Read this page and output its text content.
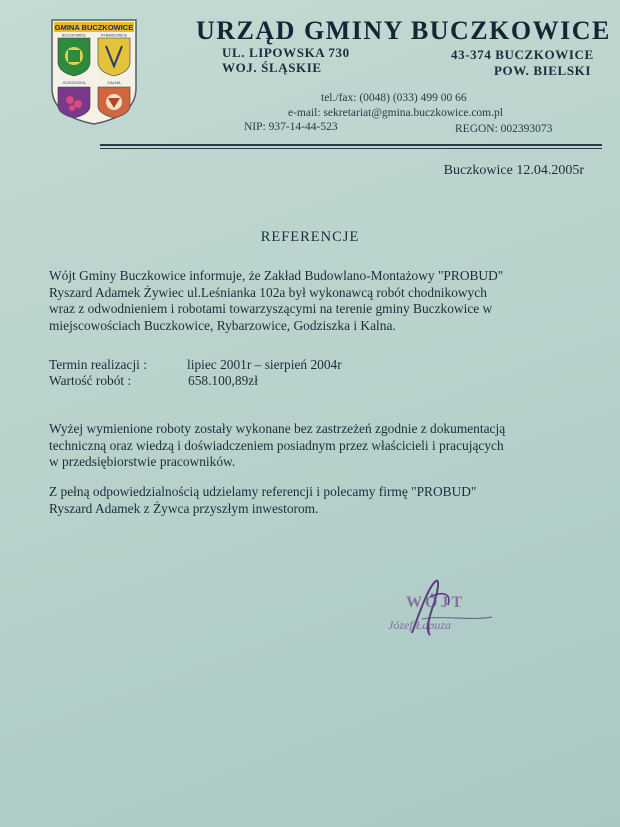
GMINA BUCZKOWICE
GODZISZKA	KALNA
BUCZKOWICE	RYBARZOWICE	URZĄD GMINY BUCZKOWICE
UL. LIPOWSKA 730	43-374 BUCZKOWICE
WOJ. ŚLĄSKIE	POW. BIELSKI
tel./fax: (0048) (033) 499 00 66
e-mail: sekretariat@gmina.buczkowice.com.pl
NIP: 937-14-44-523	REGON: 002393073
Buczkowice 12.04.2005r
REFERENCJE
Wójt Gminy Buczkowice informuje, że Zakład Budowlano-Montażowy "PROBUD"
Ryszard Adamek Żywiec ul.Leśnianka 102a był wykonawcą robót chodnikowych
wraz z odwodnieniem i robotami towarzyszącymi na terenie gminy Buczkowice w
miejscowościach Buczkowice, Rybarzowice, Godziszka i Kalna.
Termin realizacji :	lipiec 2001r – sierpień 2004r
Wartość robót :	658.100,89zł
Wyżej wymienione roboty zostały wykonane bez zastrzeżeń zgodnie z dokumentacją
techniczną oraz wiedzą i doświadczeniem posiadnym przez właścicieli i pracujących
w przedsiębiorstwie pracowników.
Z pełną odpowiedzialnością udzielamy referencji i polecamy firmę "PROBUD"
Ryszard Adamek z Żywca przyszłym inwestorom.
WÓJT
Józef Łapuza
